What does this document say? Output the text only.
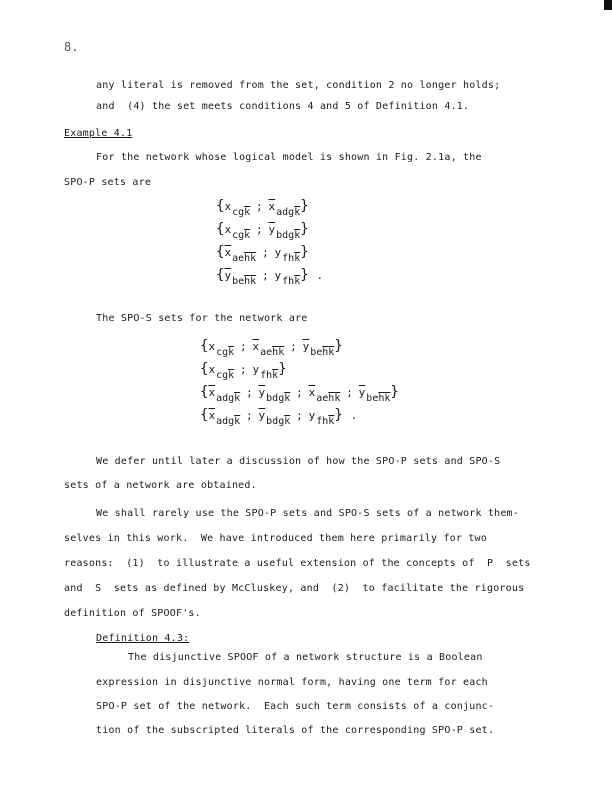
8.
any literal is removed from the set, condition 2 no longer holds;
and  (4) the set meets conditions 4 and 5 of Definition 4.1.
Example 4.1
For the network whose logical model is shown in Fig. 2.1a, the
SPO-P sets are
{$x_{cg\overline{k}}$ ; $\overline{x}_{adg\overline{k}}$}
{$x_{cg\overline{k}}$ ; $\overline{y}_{bdg\overline{k}}$}
{$\overline{x}_{ae\overline{h}\overline{k}}$ ; $y_{fh\overline{k}}$}
{$\overline{y}_{be\overline{h}\overline{k}}$ ; $y_{fh\overline{k}}$} .
The SPO-S sets for the network are
{$x_{cg\overline{k}}$ ; $\overline{x}_{ae\overline{h}\overline{k}}$ ; $\overline{y}_{be\overline{h}\overline{k}}$}
{$x_{cg\overline{k}}$ ; $y_{fh\overline{k}}$}
{$\overline{x}_{adg\overline{k}}$ ; $\overline{y}_{bdg\overline{k}}$ ; $\overline{x}_{ae\overline{h}\overline{k}}$ ; $\overline{y}_{be\overline{h}\overline{k}}$}
{$\overline{x}_{adg\overline{k}}$ ; $\overline{y}_{bdg\overline{k}}$ ; $y_{fh\overline{k}}$} .
We defer until later a discussion of how the SPO-P sets and SPO-S
sets of a network are obtained.
We shall rarely use the SPO-P sets and SPO-S sets of a network them-
selves in this work.  We have introduced them here primarily for two
reasons:  (1)  to illustrate a useful extension of the concepts of  P  sets
and  S  sets as defined by McCluskey, and  (2)  to facilitate the rigorous
definition of SPOOF's.
Definition 4.3:
The disjunctive SPOOF of a network structure is a Boolean
expression in disjunctive normal form, having one term for each
SPO-P set of the network.  Each such term consists of a conjunc-
tion of the subscripted literals of the corresponding SPO-P set.
